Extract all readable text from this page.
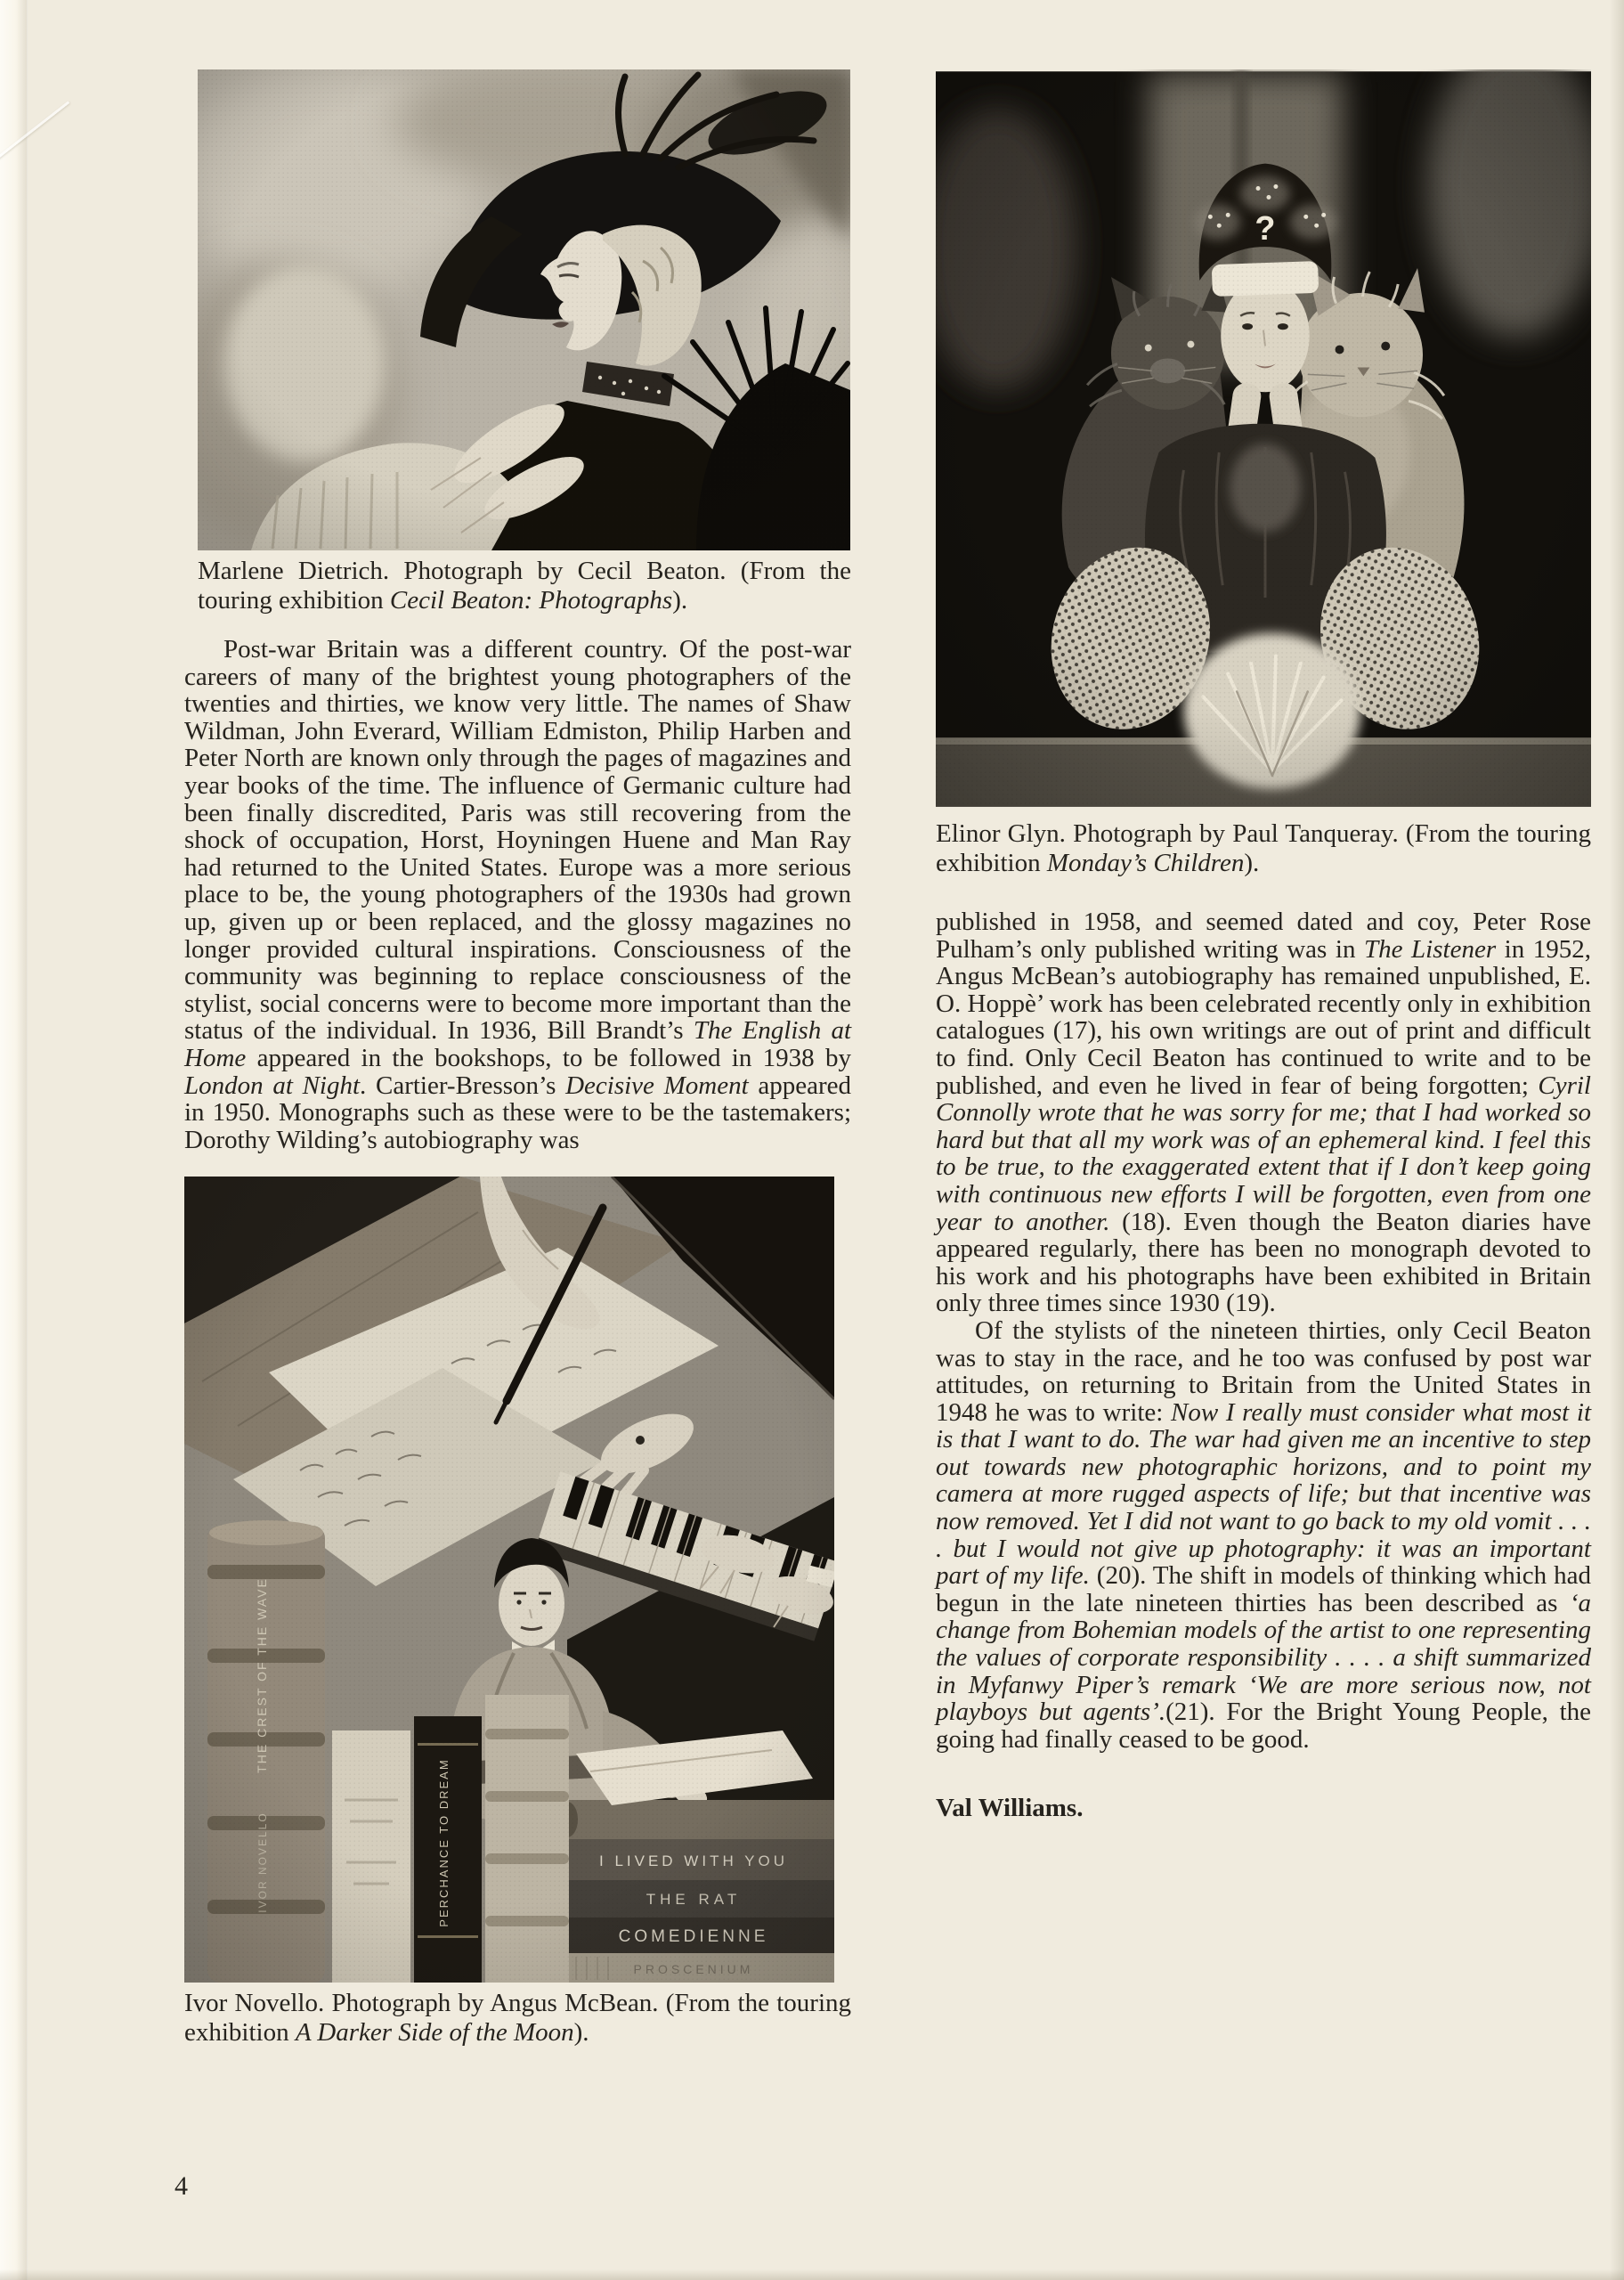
Marlene Dietrich. Photograph by Cecil Beaton. (From the touring exhibition Cecil Beaton: Photographs).

Post-war Britain was a different country. Of the post-war careers of many of the brightest young photographers of the twenties and thirties, we know very little. The names of Shaw Wildman, John Everard, William Edmiston, Philip Harben and Peter North are known only through the pages of magazines and year books of the time. The influence of Germanic culture had been finally discredited, Paris was still recovering from the shock of occupation, Horst, Hoyningen Huene and Man Ray had returned to the United States. Europe was a more serious place to be, the young photographers of the 1930s had grown up, given up or been replaced, and the glossy magazines no longer provided cultural inspirations. Consciousness of the community was beginning to replace consciousness of the stylist, social concerns were to become more important than the status of the individual. In 1936, Bill Brandt’s The English at Home appeared in the bookshops, to be followed in 1938 by London at Night. Cartier-Bresson’s Decisive Moment appeared in 1950. Monographs such as these were to be the tastemakers; Dorothy Wilding’s autobiography was

Ivor Novello. Photograph by Angus McBean. (From the touring exhibition A Darker Side of the Moon).
Elinor Glyn. Photograph by Paul Tanqueray. (From the touring exhibition Monday’s Children).

published in 1958, and seemed dated and coy, Peter Rose Pulham’s only published writing was in The Listener in 1952, Angus McBean’s autobiography has remained unpublished, E. O. Hoppè’ work has been celebrated recently only in exhibition catalogues (17), his own writings are out of print and difficult to find. Only Cecil Beaton has continued to write and to be published, and even he lived in fear of being forgotten; Cyril Connolly wrote that he was sorry for me; that I had worked so hard but that all my work was of an ephemeral kind. I feel this to be true, to the exaggerated extent that if I don’t keep going with continuous new efforts I will be forgotten, even from one year to another. (18). Even though the Beaton diaries have appeared regularly, there has been no monograph devoted to his work and his photographs have been exhibited in Britain only three times since 1930 (19).

Of the stylists of the nineteen thirties, only Cecil Beaton was to stay in the race, and he too was confused by post war attitudes, on returning to Britain from the United States in 1948 he was to write: Now I really must consider what most it is that I want to do. The war had given me an incentive to step out towards new photographic horizons, and to point my camera at more rugged aspects of life; but that incentive was now removed. Yet I did not want to go back to my old vomit . . . . but I would not give up photography: it was an important part of my life. (20). The shift in models of thinking which had begun in the late nineteen thirties has been described as ‘a change from Bohemian models of the artist to one representing the values of corporate responsibility . . . . a shift summarized in Myfanwy Piper’s remark ‘We are more serious now, not playboys but agents’.(21). For the Bright Young People, the going had finally ceased to be good.

Val Williams.

4
